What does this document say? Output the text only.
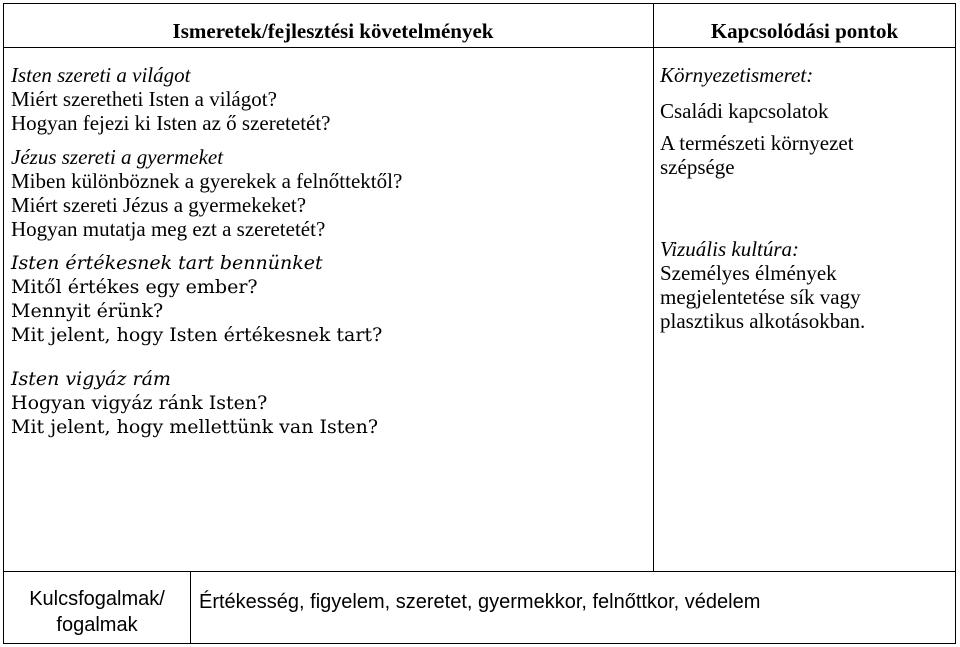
Ismeretek/fejlesztési követelmények	Kapcsolódási pontok
Isten szereti a világot
Miért szeretheti Isten a világot?
Hogyan fejezi ki Isten az ő szeretetét?
Jézus szereti a gyermeket
Miben különböznek a gyerekek a felnőttektől?
Miért szereti Jézus a gyermekeket?
Hogyan mutatja meg ezt a szeretetét?
Isten értékesnek tart bennünket
Mitől értékes egy ember?
Mennyit érünk?
Mit jelent, hogy Isten értékesnek tart?
Isten vigyáz rám
Hogyan vigyáz ránk Isten?
Mit jelent, hogy mellettünk van Isten?
Környezetismeret:
Családi kapcsolatok
A természeti környezet
szépsége
Vizuális kultúra:
Személyes élmények
megjelentetése sík vagy
plasztikus alkotásokban.
Kulcsfogalmak/
fogalmak
Értékesség, figyelem, szeretet, gyermekkor, felnőttkor, védelem
